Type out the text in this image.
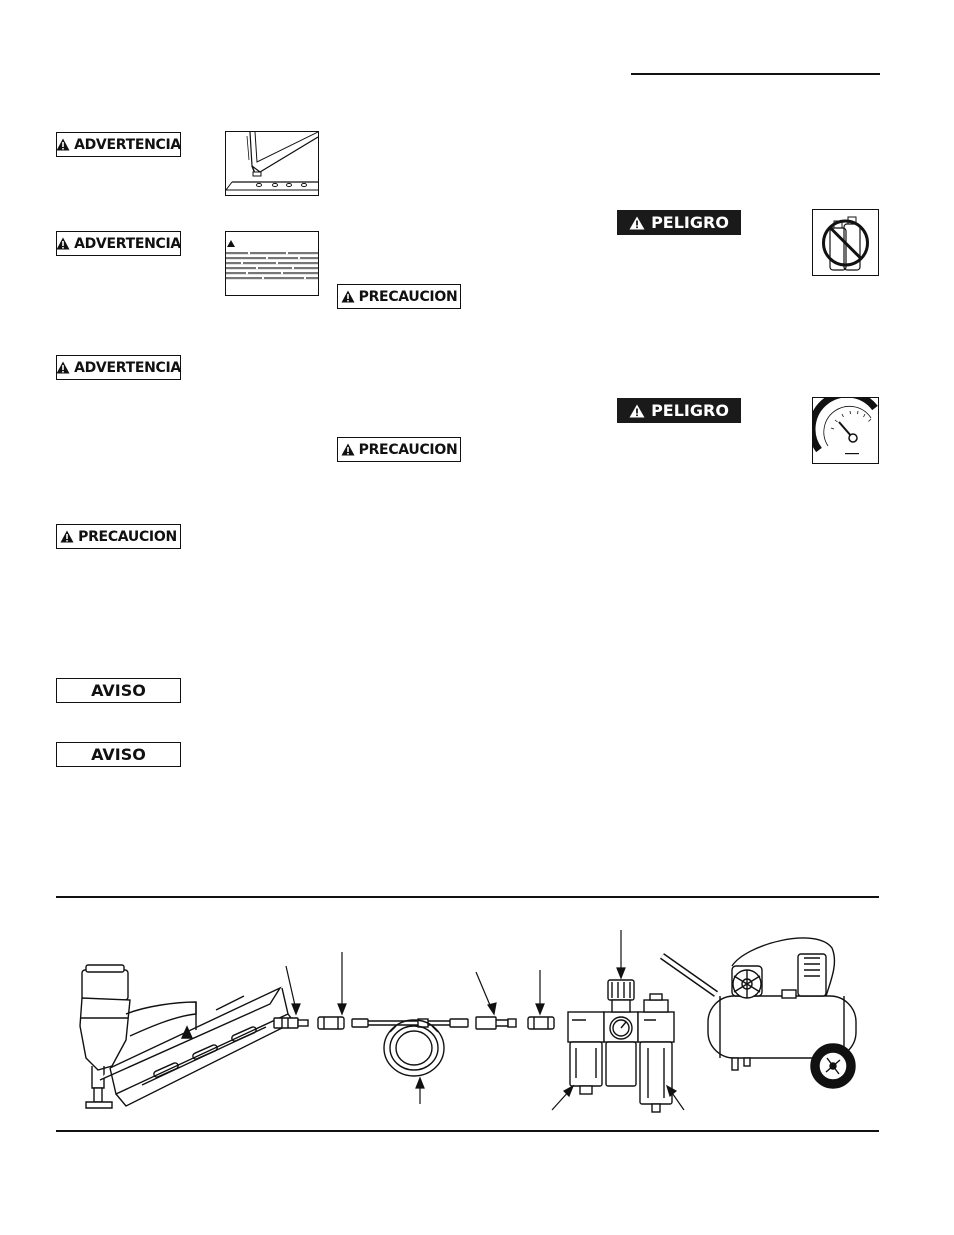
ADVERTENCIA
ADVERTENCIA
ADVERTENCIA
PRECAUCION
AVISO
AVISO
PRECAUCION
PRECAUCION
PELIGRO
PELIGRO
